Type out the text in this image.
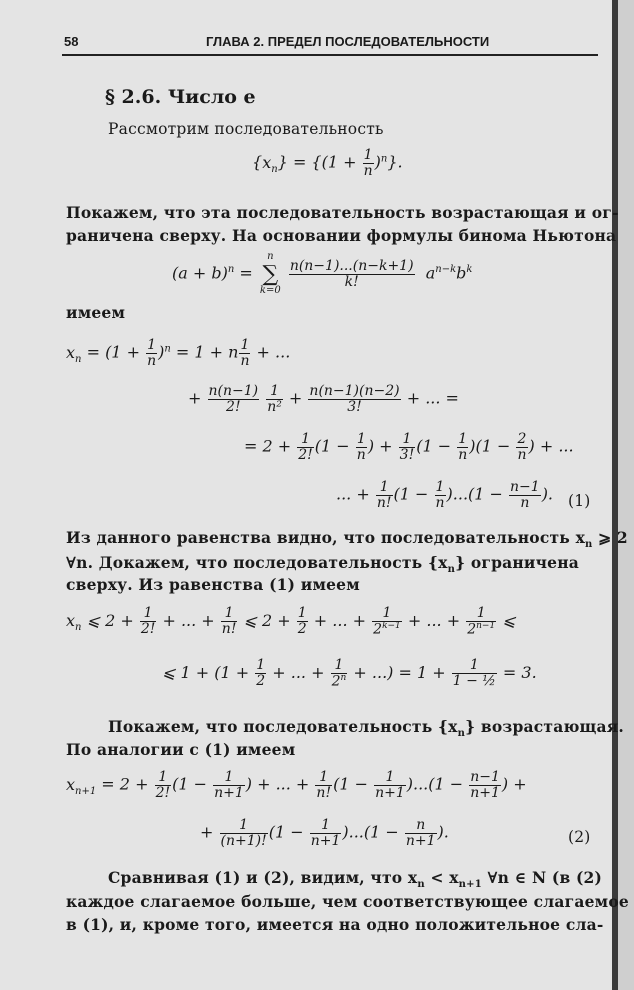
58	ГЛАВА 2. ПРЕДЕЛ ПОСЛЕДОВАТЕЛЬНОСТИ
§ 2.6. Число e
Рассмотрим последовательность
$\{x_n\} = \{(1 + \frac{1}{n} )^n\}$.
Покажем, что эта последовательность возрастающая и ог-
раничена сверху. На основании формулы бинома Ньютона
$(a + b)^n$ =
n
∑
k=0

$\frac{n(n-1)...(n-k+1)}{k!} a^{n-k}b^k$
имеем
$x_n = (1 + \frac{1}{n} )^n = 1 + n \frac{1}{n}$ + ...
+ $\frac{n(n-1)}{2!}$
$\frac{1}{\text{n²}} + \frac{n(n-1)(n-2)}{3!}$ + ... =
= $2 + \frac{1}{2!} (1 - \frac{1}{n}$ ) + $\frac{1}{3!} (1 - \frac{1}{n} )(1 - \frac{2}{n}$ ) + ...
... + $\frac{1}{n!} (1 - \frac{1}{n} )...(1 - \frac{n-1}{n}$ ). (1)
Из данного равенства видно, что последовательность $x_n$ ⩾ 2
∀n. Докажем, что последовательность $\{x_n\}$ ограничена
сверху. Из равенства (1) имеем
$x_n$ ⩽ $2 + \frac{1}{2!}$ + ... + $\frac{1}{n!}$ ⩽ $2 + \frac{1}{2}$ + ... + $\frac{1}{2^{k-1}}$ + ... + $\frac{1}{2^{n-1}}$ ⩽
⩽ $1 + (1 + \frac{1}{2}$ + ... + $\frac{1}{2^n}$ + ...) = $1 + \frac{1}{\text{1 − ½}} = 3$.
Покажем, что последовательность $\{x_n\}$ возрастающая.
По аналогии с (1) имеем
$x_{n+1} = 2 + \frac{1}{2!} (1 - \frac{1}{n+1}$ ) + ... + $\frac{1}{n!} (1 - \frac{1}{n+1} )...(1 - \frac{n-1}{n+1}$ ) +
+ $\frac{1}{(n+1)!} (1 - \frac{1}{n+1} )...(1 - \frac{n}{n+1}$ ).	(2)
Сравнивая (1) и (2), видим, что $x_n < x_{n+1}$ ∀n ∈ N (в (2)
каждое слагаемое больше, чем соответствующее слагаемое
в (1), и, кроме того, имеется на одно положительное сла-
